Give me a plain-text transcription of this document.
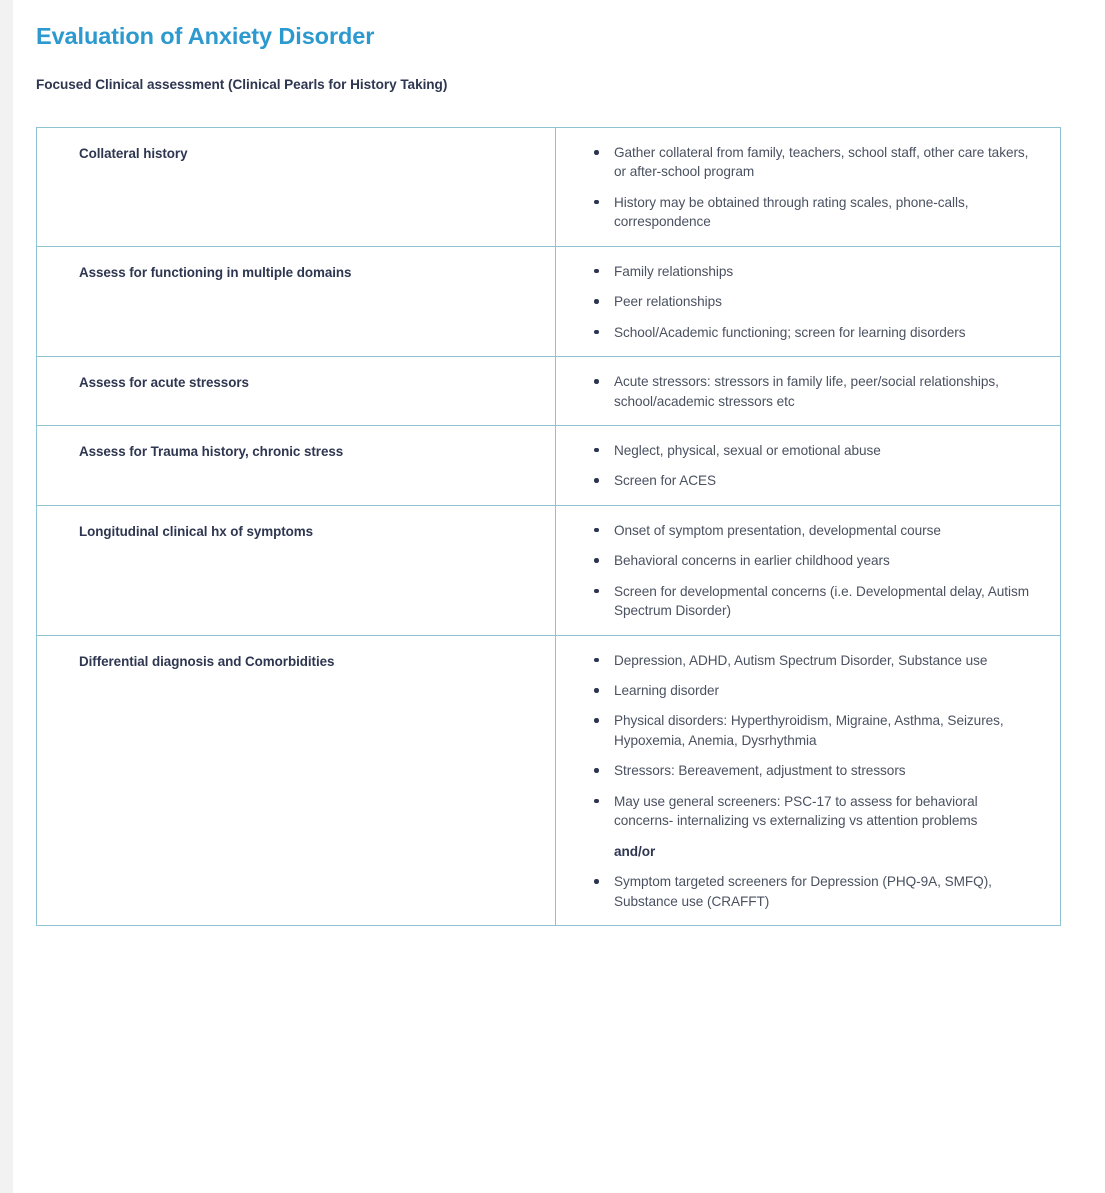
Evaluation of Anxiety Disorder
Focused Clinical assessment (Clinical Pearls for History Taking)
Collateral history	Gather collateral from family, teachers, school staff, other care takers, or after-school program
History may be obtained through rating scales, phone-calls, correspondence

Assess for functioning in multiple domains	Family relationships
Peer relationships
School/Academic functioning; screen for learning disorders

Assess for acute stressors	Acute stressors: stressors in family life, peer/social relationships, school/academic stressors etc

Assess for Trauma history, chronic stress	Neglect, physical, sexual or emotional abuse
Screen for ACES

Longitudinal clinical hx of symptoms	Onset of symptom presentation, developmental course
Behavioral concerns in earlier childhood years
Screen for developmental concerns (i.e. Developmental delay, Autism Spectrum Disorder)

Differential diagnosis and Comorbidities	Depression, ADHD, Autism Spectrum Disorder, Substance use
Learning disorder
Physical disorders: Hyperthyroidism, Migraine, Asthma, Seizures, Hypoxemia, Anemia, Dysrhythmia
Stressors: Bereavement, adjustment to stressors
May use general screeners: PSC-17 to assess for behavioral concerns- internalizing vs externalizing vs attention problems
and/or
Symptom targeted screeners for Depression (PHQ-9A, SMFQ), Substance use (CRAFFT)
